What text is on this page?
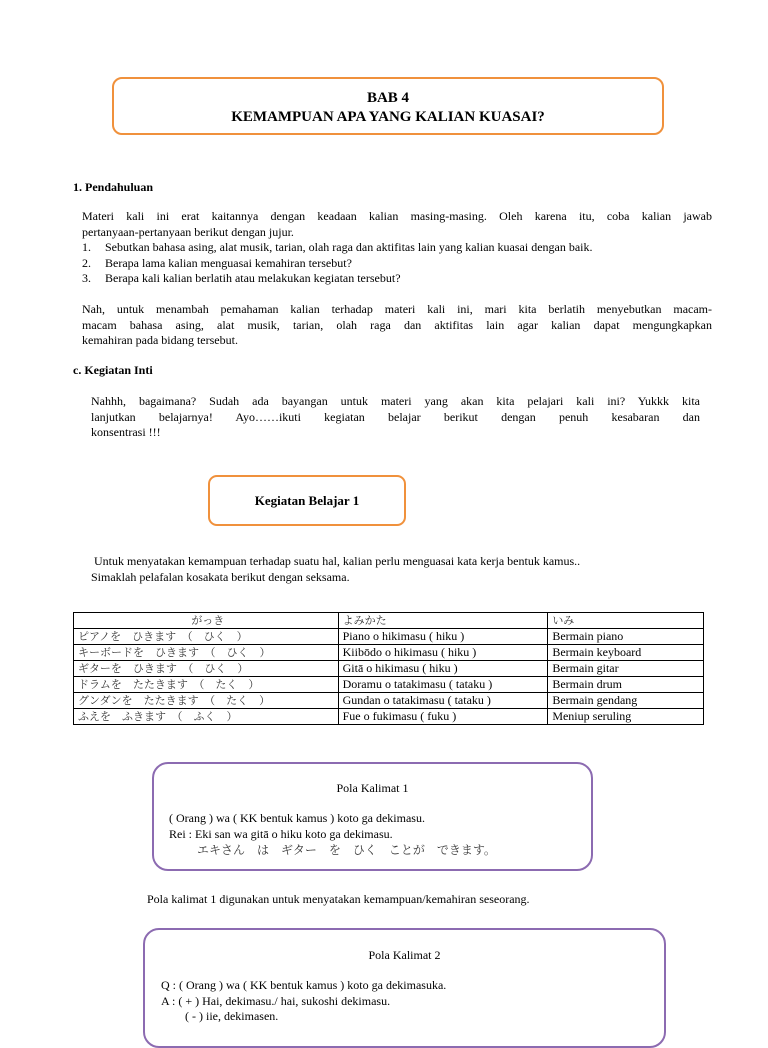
BAB 4
KEMAMPUAN APA YANG KALIAN KUASAI?
1. Pendahuluan
Materi kali ini erat kaitannya dengan keadaan kalian masing-masing. Oleh karena itu, coba kalian jawab
pertanyaan-pertanyaan berikut dengan jujur.
1. Sebutkan bahasa asing, alat musik, tarian, olah raga dan aktifitas lain yang kalian kuasai dengan baik.
2. Berapa lama kalian menguasai kemahiran tersebut?
3. Berapa kali kalian berlatih atau melakukan kegiatan tersebut?
Nah, untuk menambah pemahaman kalian terhadap materi kali ini, mari kita berlatih menyebutkan macam-
macam bahasa asing, alat musik, tarian, olah raga dan aktifitas lain agar kalian dapat mengungkapkan
kemahiran pada bidang tersebut.
c. Kegiatan Inti
Nahhh, bagaimana? Sudah ada bayangan untuk materi yang akan kita pelajari kali ini? Yukkk kita
lanjutkan belajarnya! Ayo……ikuti kegiatan belajar berikut dengan penuh kesabaran dan
konsentrasi !!!
Kegiatan Belajar 1
Untuk menyatakan kemampuan terhadap suatu hal, kalian perlu menguasai kata kerja bentuk kamus..
Simaklah pelafalan kosakata berikut dengan seksama.
がっき	よみかた	いみ
ピアノを　ひきます　（　ひく　）	Piano o hikimasu ( hiku )	Bermain piano
キーボードを　ひきます　（　ひく　）	Kiibōdo o hikimasu ( hiku )	Bermain keyboard
ギターを　ひきます　（　ひく　）	Gitā o hikimasu ( hiku )	Bermain gitar
ドラムを　たたきます　（　たく　）	Doramu o tatakimasu ( tataku )	Bermain drum
グンダンを　たたきます　（　たく　）	Gundan o tatakimasu ( tataku )	Bermain gendang
ふえを　ふきます　（　ふく　）	Fue o fukimasu ( fuku )	Meniup seruling
Pola Kalimat 1
( Orang ) wa ( KK bentuk kamus ) koto ga dekimasu.
Rei : Eki san wa gitā o hiku koto ga dekimasu.
エキさん　は　ギター　を　ひく　ことが　できます。
Pola kalimat 1 digunakan untuk menyatakan kemampuan/kemahiran seseorang.
Pola Kalimat 2
Q : ( Orang ) wa ( KK bentuk kamus ) koto ga dekimasuka.
A : ( + ) Hai, dekimasu./ hai, sukoshi dekimasu.
( - ) iie, dekimasen.
